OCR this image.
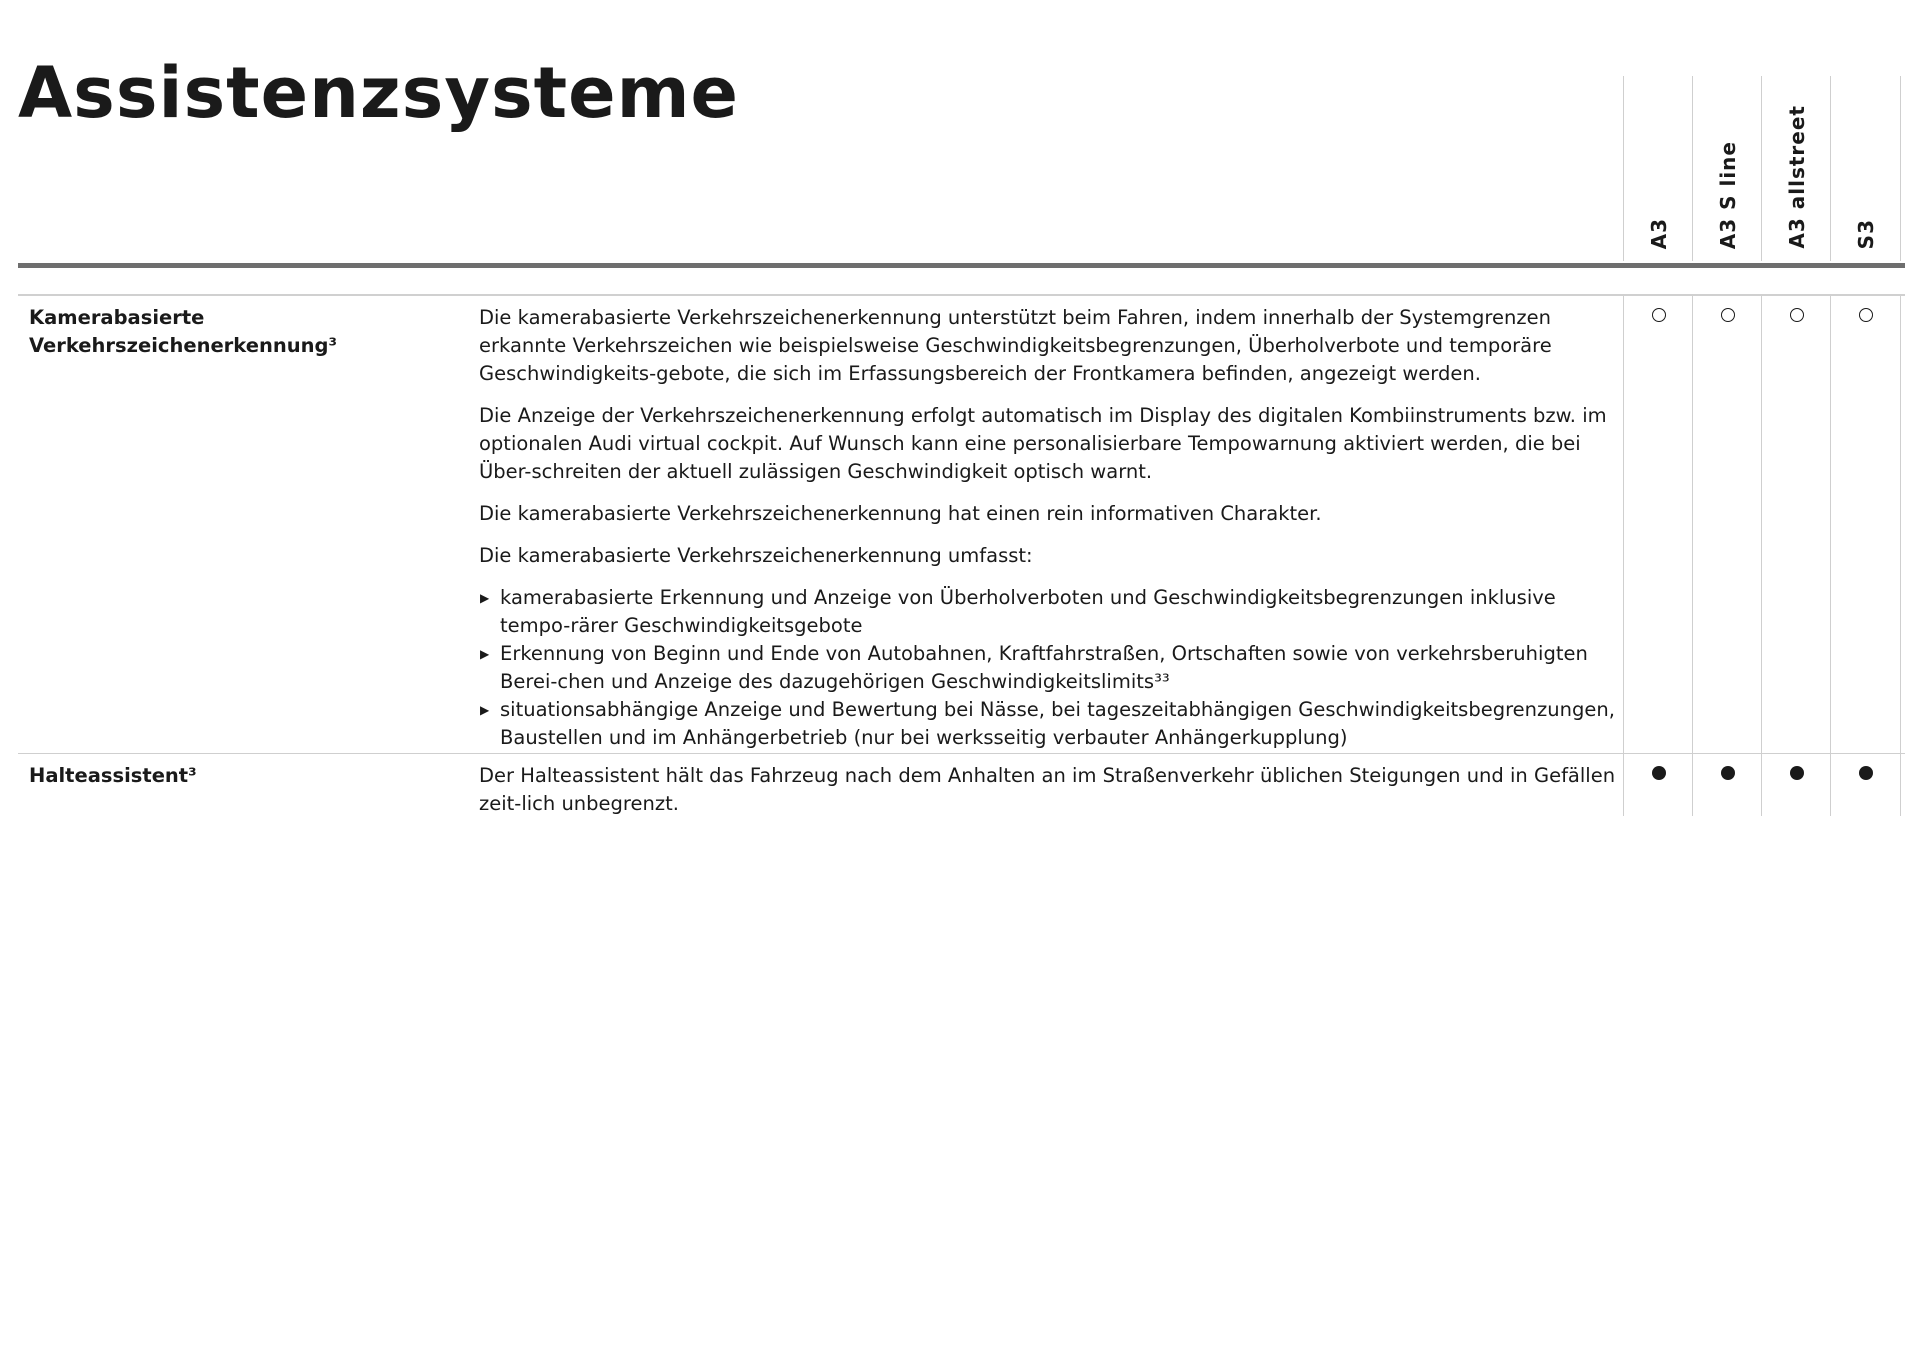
Assistenzsysteme
A3 A3 S line A3 allstreet S3
Kamerabasierte Verkehrszeichenerkennung³

Die kamerabasierte Verkehrszeichenerkennung unterstützt beim Fahren, indem innerhalb der Systemgrenzen erkannte Verkehrszeichen wie beispielsweise Geschwindigkeitsbegrenzungen, Überholverbote und temporäre Geschwindigkeits-gebote, die sich im Erfassungsbereich der Frontkamera befinden, angezeigt werden.

Die Anzeige der Verkehrszeichenerkennung erfolgt automatisch im Display des digitalen Kombiinstruments bzw. im optionalen Audi virtual cockpit. Auf Wunsch kann eine personalisierbare Tempowarnung aktiviert werden, die bei Über-schreiten der aktuell zulässigen Geschwindigkeit optisch warnt.

Die kamerabasierte Verkehrszeichenerkennung hat einen rein informativen Charakter.

Die kamerabasierte Verkehrszeichenerkennung umfasst:

▶ kamerabasierte Erkennung und Anzeige von Überholverboten und Geschwindigkeitsbegrenzungen inklusive tempo-rärer Geschwindigkeitsgebote
▶ Erkennung von Beginn und Ende von Autobahnen, Kraftfahrstraßen, Ortschaften sowie von verkehrsberuhigten Berei-chen und Anzeige des dazugehörigen Geschwindigkeitslimits³³
▶ situationsabhängige Anzeige und Bewertung bei Nässe, bei tageszeitabhängigen Geschwindigkeitsbegrenzungen, Baustellen und im Anhängerbetrieb (nur bei werksseitig verbauter Anhängerkupplung)
Halteassistent³	Der Halteassistent hält das Fahrzeug nach dem Anhalten an im Straßenverkehr üblichen Steigungen und in Gefällen zeit-lich unbegrenzt.
